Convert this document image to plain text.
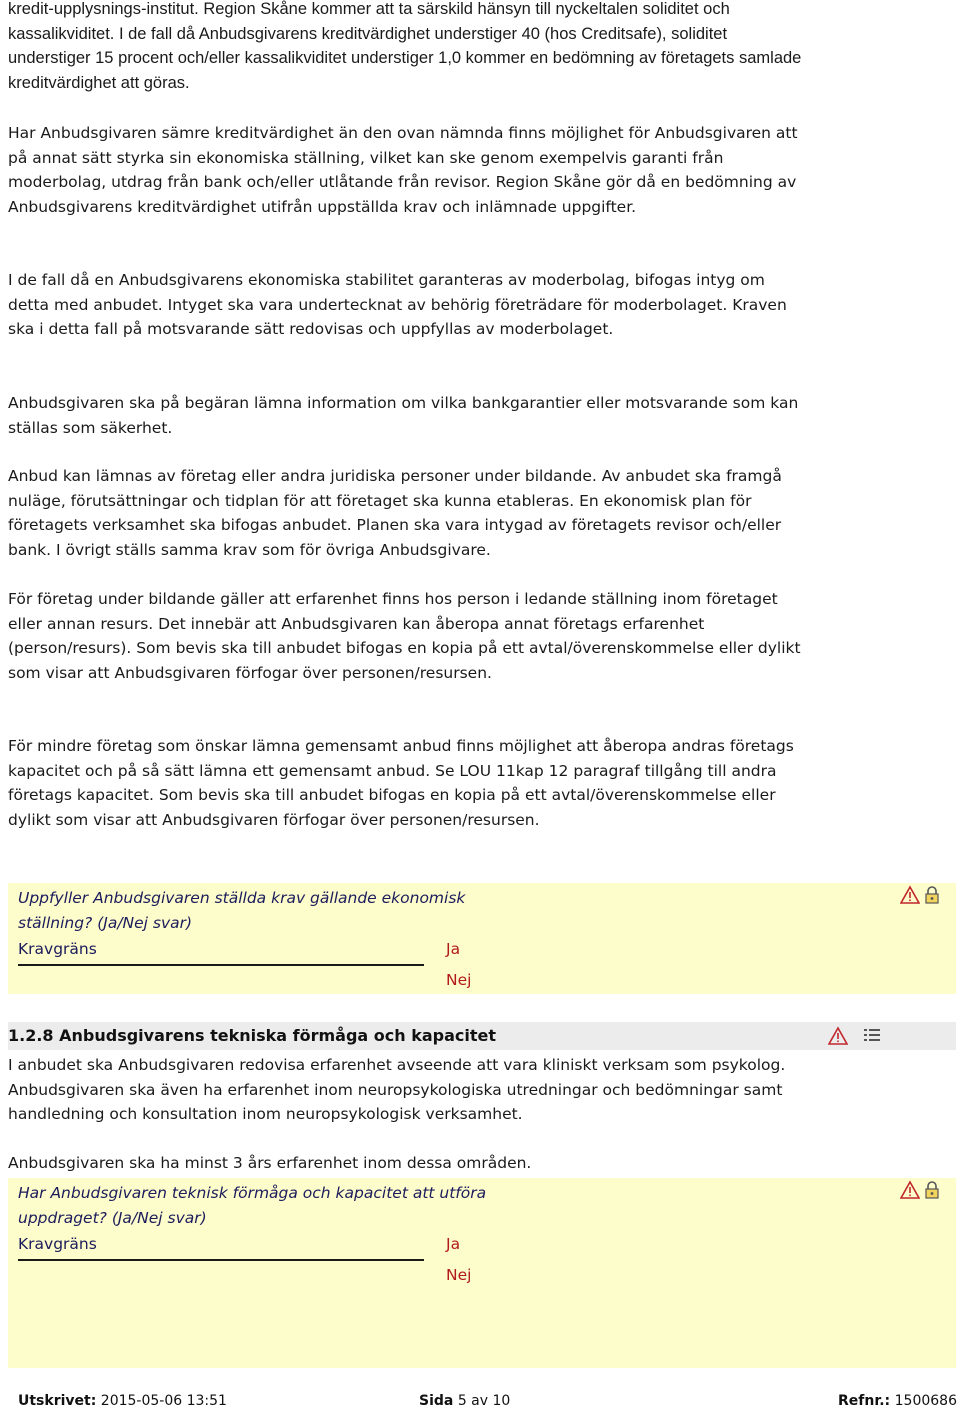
kredit-upplysnings-institut. Region Skåne kommer att ta särskild hänsyn till nyckeltalen soliditet och kassalikviditet. I de fall då Anbudsgivarens kreditvärdighet understiger 40 (hos Creditsafe), soliditet understiger 15 procent och/eller kassalikviditet understiger 1,0 kommer en bedömning av företagets samlade kreditvärdighet att göras.

Har Anbudsgivaren sämre kreditvärdighet än den ovan nämnda finns möjlighet för Anbudsgivaren att på annat sätt styrka sin ekonomiska ställning, vilket kan ske genom exempelvis garanti från moderbolag, utdrag från bank och/eller utlåtande från revisor. Region Skåne gör då en bedömning av Anbudsgivarens kreditvärdighet utifrån uppställda krav och inlämnade uppgifter.

I de fall då en Anbudsgivarens ekonomiska stabilitet garanteras av moderbolag, bifogas intyg om detta med anbudet. Intyget ska vara undertecknat av behörig företrädare för moderbolaget. Kraven ska i detta fall på motsvarande sätt redovisas och uppfyllas av moderbolaget.

Anbudsgivaren ska på begäran lämna information om vilka bankgarantier eller motsvarande som kan ställas som säkerhet.

Anbud kan lämnas av företag eller andra juridiska personer under bildande. Av anbudet ska framgå nuläge, förutsättningar och tidplan för att företaget ska kunna etableras. En ekonomisk plan för företagets verksamhet ska bifogas anbudet. Planen ska vara intygad av företagets revisor och/eller bank. I övrigt ställs samma krav som för övriga Anbudsgivare.

För företag under bildande gäller att erfarenhet finns hos person i ledande ställning inom företaget eller annan resurs. Det innebär att Anbudsgivaren kan åberopa annat företags erfarenhet (person/resurs). Som bevis ska till anbudet bifogas en kopia på ett avtal/överenskommelse eller dylikt som visar att Anbudsgivaren förfogar över personen/resursen.

För mindre företag som önskar lämna gemensamt anbud finns möjlighet att åberopa andras företags kapacitet och på så sätt lämna ett gemensamt anbud. Se LOU 11kap 12 paragraf tillgång till andra företags kapacitet. Som bevis ska till anbudet bifogas en kopia på ett avtal/överenskommelse eller dylikt som visar att Anbudsgivaren förfogar över personen/resursen.

Uppfyller Anbudsgivaren ställda krav gällande ekonomisk ställning? (Ja/Nej svar)

Kravgräns	Ja
Nej
1.2.8 Anbudsgivarens tekniska förmåga och kapacitet

I anbudet ska Anbudsgivaren redovisa erfarenhet avseende att vara kliniskt verksam som psykolog. Anbudsgivaren ska även ha erfarenhet inom neuropsykologiska utredningar och bedömningar samt handledning och konsultation inom neuropsykologisk verksamhet.

Anbudsgivaren ska ha minst 3 års erfarenhet inom dessa områden.

Har Anbudsgivaren teknisk förmåga och kapacitet att utföra uppdraget? (Ja/Nej svar)

Kravgräns	Ja
Nej
Utskrivet: 2015-05-06 13:51	Sida 5 av 10	Refnr.: 1500686
